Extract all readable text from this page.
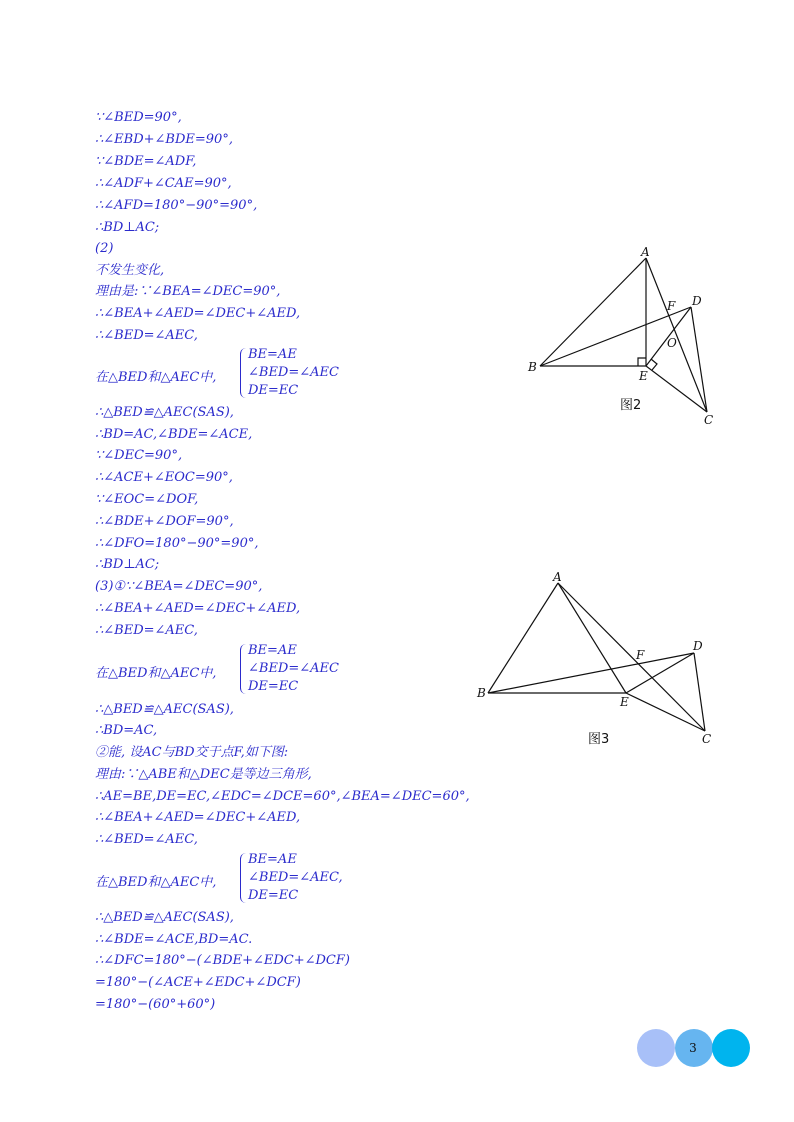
∵∠BED=90°,
∴∠EBD+∠BDE=90°,
∵∠BDE=∠ADF,
∴∠ADF+∠CAE=90°,
∴∠AFD=180°−90°=90°,
∴BD⊥AC;
(2)
不发生变化,
理由是:∵∠BEA=∠DEC=90°,
∴∠BEA+∠AED=∠DEC+∠AED,
∴∠BED=∠AEC,
在△BED和△AEC中,
BE=AE
∠BED=∠AEC
DE=EC
∴△BED≌△AEC(SAS),
∴BD=AC,∠BDE=∠ACE,
∵∠DEC=90°,
∴∠ACE+∠EOC=90°,
∵∠EOC=∠DOF,
∴∠BDE+∠DOF=90°,
∴∠DFO=180°−90°=90°,
∴BD⊥AC;
(3)①∵∠BEA=∠DEC=90°,
∴∠BEA+∠AED=∠DEC+∠AED,
∴∠BED=∠AEC,
在△BED和△AEC中,
BE=AE
∠BED=∠AEC
DE=EC
∴△BED≌△AEC(SAS),
∴BD=AC,
②能, 设AC与BD交于点F,如下图:
理由:∵△ABE和△DEC是等边三角形,
∴AE=BE,DE=EC,∠EDC=∠DCE=60°,∠BEA=∠DEC=60°,
∴∠BEA+∠AED=∠DEC+∠AED,
∴∠BED=∠AEC,
在△BED和△AEC中,
BE=AE
∠BED=∠AEC,
DE=EC
∴△BED≌△AEC(SAS),
∴∠BDE=∠ACE,BD=AC.
∴∠DFC=180°−(∠BDE+∠EDC+∠DCF)
=180°−(∠ACE+∠EDC+∠DCF)
=180°−(60°+60°)
A
B
C
D
E
F
O
图2
A
B
C
D
E
F
图3
3
